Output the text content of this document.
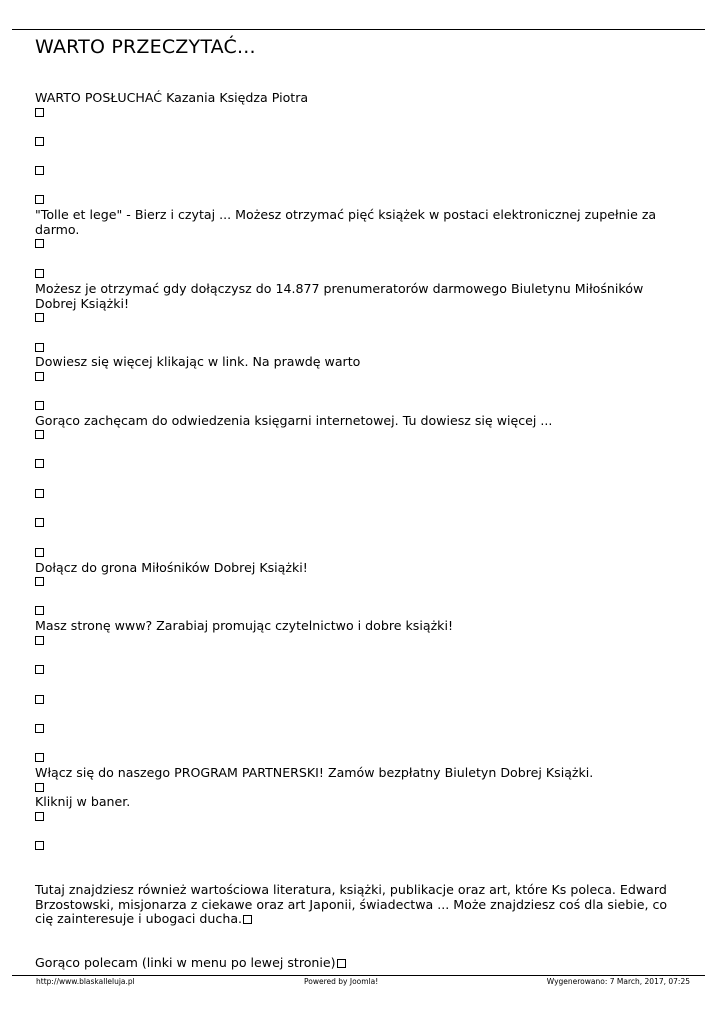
WARTO PRZECZYTAĆ...
WARTO POSŁUCHAĆ Kazania Księdza Piotra
"Tolle et lege" - Bierz i czytaj ... Możesz otrzymać pięć książek w postaci elektronicznej zupełnie za darmo.
Możesz je otrzymać gdy dołączysz do 14.877 prenumeratorów darmowego Biuletynu Miłośników Dobrej Książki!
Dowiesz się więcej klikając w link. Na prawdę warto
Gorąco zachęcam do odwiedzenia księgarni internetowej. Tu dowiesz się więcej ...
Dołącz do grona Miłośników Dobrej Książki!
Masz stronę www? Zarabiaj promując czytelnictwo i dobre książki!
Włącz się do naszego PROGRAM PARTNERSKI! Zamów bezpłatny Biuletyn Dobrej Książki.
Kliknij w baner.
Tutaj znajdziesz również wartościowa literatura, książki, publikacje oraz art, które Ks poleca. Edward Brzostowski, misjonarza z ciekawe oraz art Japonii, świadectwa ... Może znajdziesz coś dla siebie, co cię zainteresuje i ubogaci ducha.
Gorąco polecam (linki w menu po lewej stronie)
http://www.blaskalleluja.pl	Powered by Joomla!	Wygenerowano: 7 March, 2017, 07:25
